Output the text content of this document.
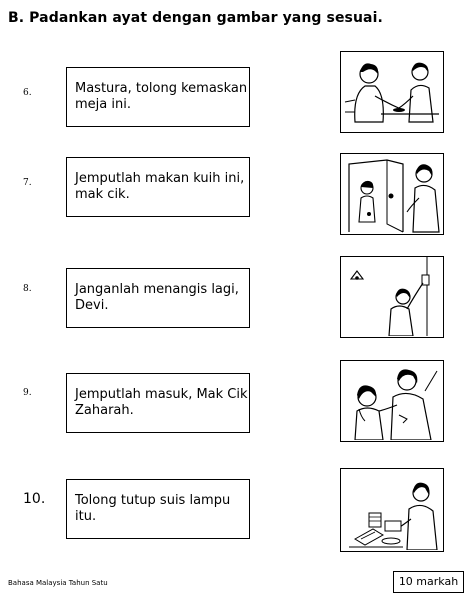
B. Padankan ayat dengan gambar yang sesuai.
6.	Mastura, tolong kemaskan meja ini.
7.	Jemputlah makan kuih ini, mak cik.
8.	Janganlah menangis lagi, Devi.
9.	Jemputlah masuk, Mak Cik Zaharah.
10.	Tolong tutup suis lampu itu.
Bahasa Malaysia Tahun Satu	10 markah
